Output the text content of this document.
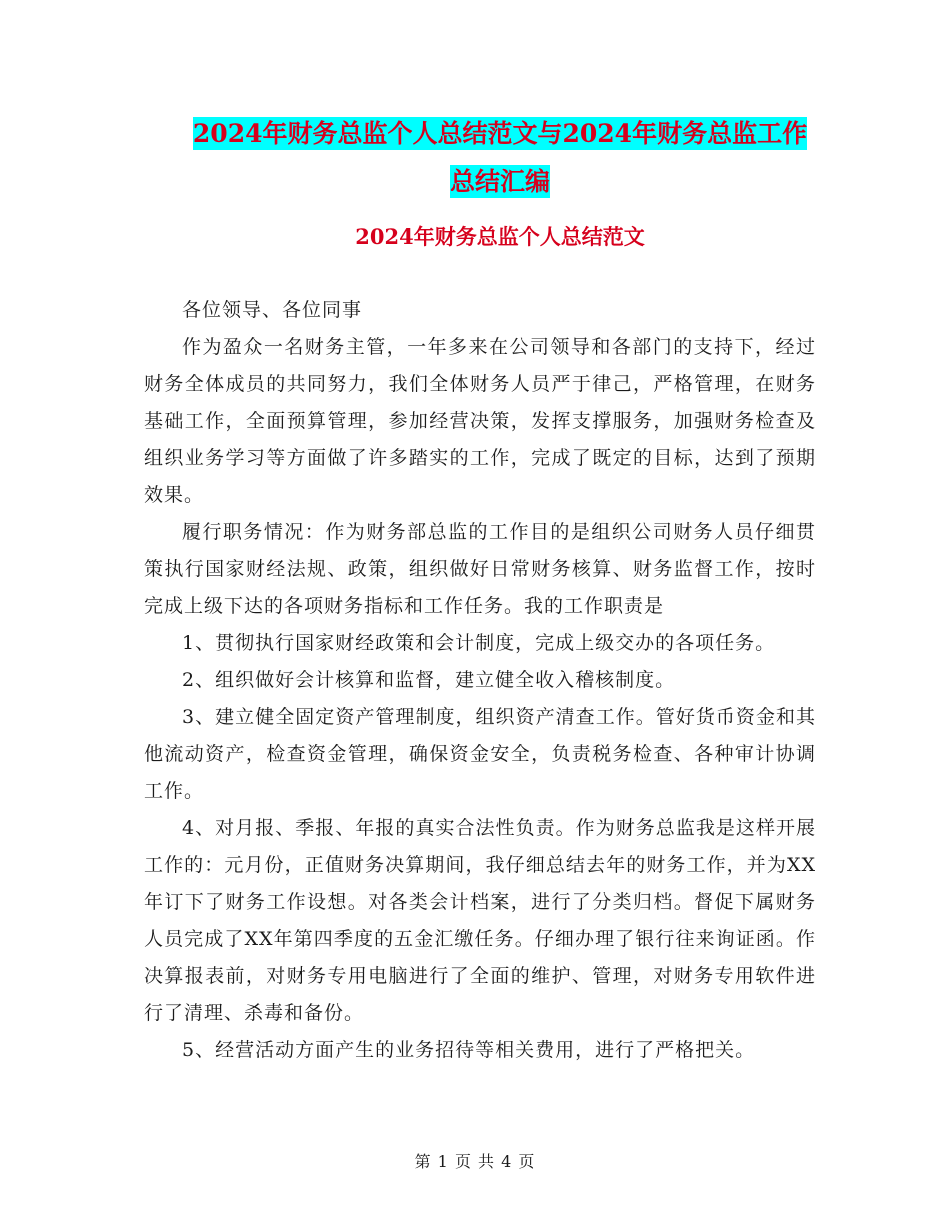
2024年财务总监个人总结范文与2024年财务总监工作
总结汇编
2024年财务总监个人总结范文

各位领导、各位同事

作为盈众一名财务主管，一年多来在公司领导和各部门的支持下，经过财务全体成员的共同努力，我们全体财务人员严于律己，严格管理，在财务基础工作，全面预算管理，参加经营决策，发挥支撑服务，加强财务检查及组织业务学习等方面做了许多踏实的工作，完成了既定的目标，达到了预期效果。

履行职务情况：作为财务部总监的工作目的是组织公司财务人员仔细贯策执行国家财经法规、政策，组织做好日常财务核算、财务监督工作，按时完成上级下达的各项财务指标和工作任务。我的工作职责是

1、贯彻执行国家财经政策和会计制度，完成上级交办的各项任务。

2、组织做好会计核算和监督，建立健全收入稽核制度。

3、建立健全固定资产管理制度，组织资产清查工作。管好货币资金和其他流动资产，检查资金管理，确保资金安全，负责税务检查、各种审计协调工作。

4、对月报、季报、年报的真实合法性负责。作为财务总监我是这样开展工作的：元月份，正值财务决算期间，我仔细总结去年的财务工作，并为XX年订下了财务工作设想。对各类会计档案，进行了分类归档。督促下属财务人员完成了XX年第四季度的五金汇缴任务。仔细办理了银行往来询证函。作决算报表前，对财务专用电脑进行了全面的维护、管理，对财务专用软件进行了清理、杀毒和备份。

5、经营活动方面产生的业务招待等相关费用，进行了严格把关。

第 1 页 共 4 页
